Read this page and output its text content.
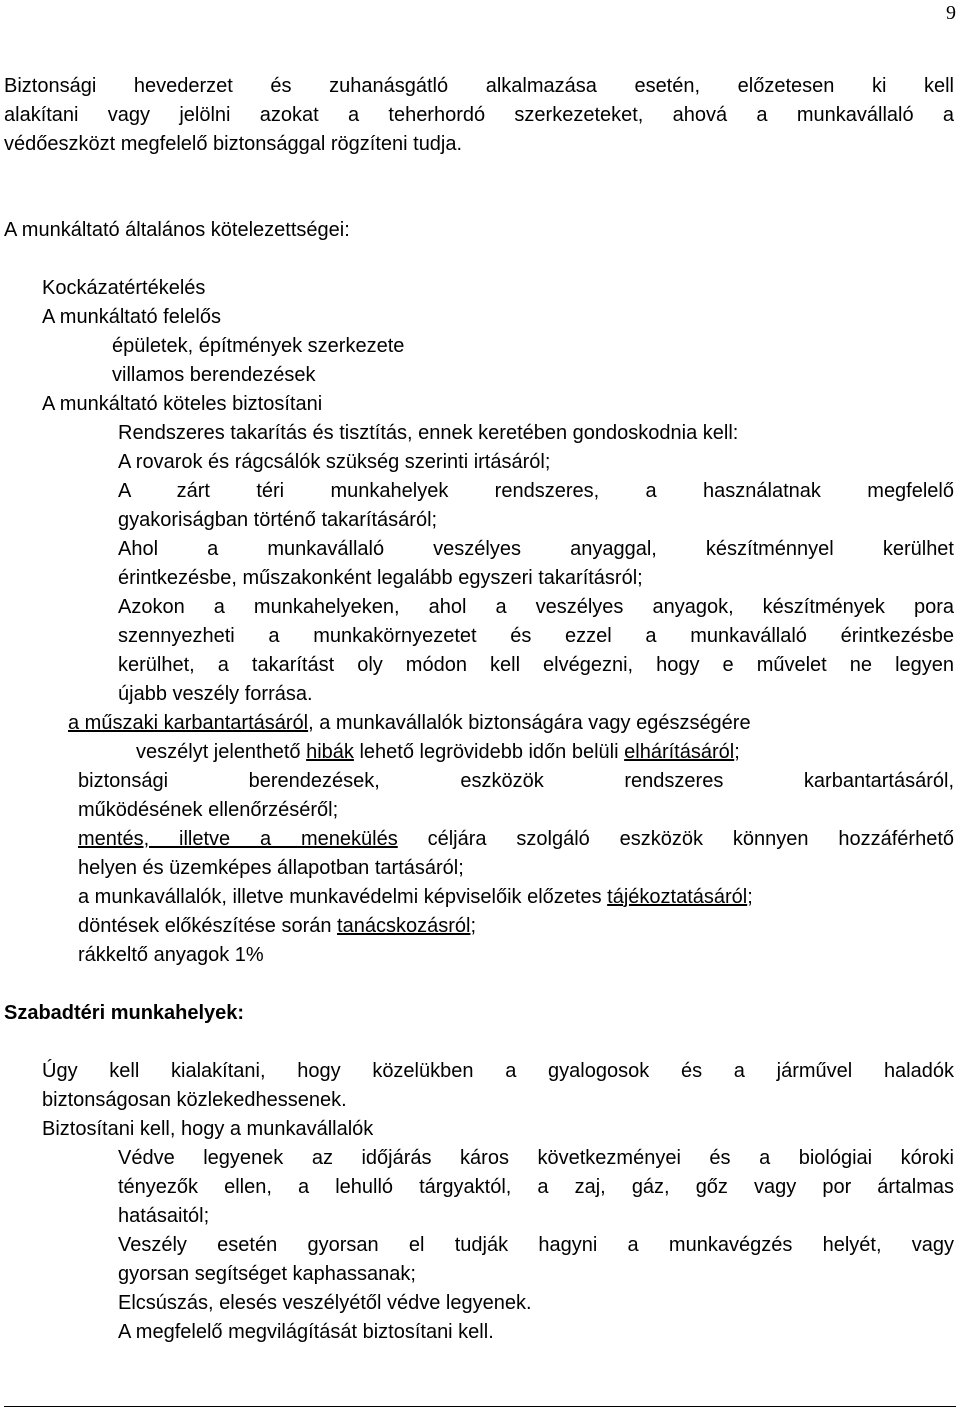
9
Biztonsági hevederzet és zuhanásgátló alkalmazása esetén, előzetesen ki kell
alakítani vagy jelölni azokat a teherhordó szerkezeteket, ahová a munkavállaló a
védőeszközt megfelelő biztonsággal rögzíteni tudja.
A munkáltató általános kötelezettségei:
Kockázatértékelés
A munkáltató felelős
épületek, építmények szerkezete
villamos berendezések
A munkáltató köteles biztosítani
Rendszeres takarítás és tisztítás, ennek keretében gondoskodnia kell:
A rovarok és rágcsálók szükség szerinti irtásáról;
A zárt téri munkahelyek rendszeres, a használatnak megfelelő
gyakoriságban történő takarításáról;
Ahol a munkavállaló veszélyes anyaggal, készítménnyel kerülhet
érintkezésbe, műszakonként legalább egyszeri takarításról;
Azokon a munkahelyeken, ahol a veszélyes anyagok, készítmények pora
szennyezheti a munkakörnyezetet és ezzel a munkavállaló érintkezésbe
kerülhet, a takarítást oly módon kell elvégezni, hogy e művelet ne legyen
újabb veszély forrása.
a műszaki karbantartásáról, a munkavállalók biztonságára vagy egészségére
veszélyt jelenthető hibák lehető legrövidebb időn belüli elhárításáról;
biztonsági berendezések, eszközök rendszeres karbantartásáról,
működésének ellenőrzéséről;
mentés, illetve a menekülés céljára szolgáló eszközök könnyen hozzáférhető
helyen és üzemképes állapotban tartásáról;
a munkavállalók, illetve munkavédelmi képviselőik előzetes tájékoztatásáról;
döntések előkészítése során tanácskozásról;
rákkeltő anyagok 1%
Szabadtéri munkahelyek:
Úgy kell kialakítani, hogy közelükben a gyalogosok és a járművel haladók
biztonságosan közlekedhessenek.
Biztosítani kell, hogy a munkavállalók
Védve legyenek az időjárás káros következményei és a biológiai kóroki
tényezők ellen, a lehulló tárgyaktól, a zaj, gáz, gőz vagy por ártalmas
hatásaitól;
Veszély esetén gyorsan el tudják hagyni a munkavégzés helyét, vagy
gyorsan segítséget kaphassanak;
Elcsúszás, elesés veszélyétől védve legyenek.
A megfelelő megvilágítását biztosítani kell.
